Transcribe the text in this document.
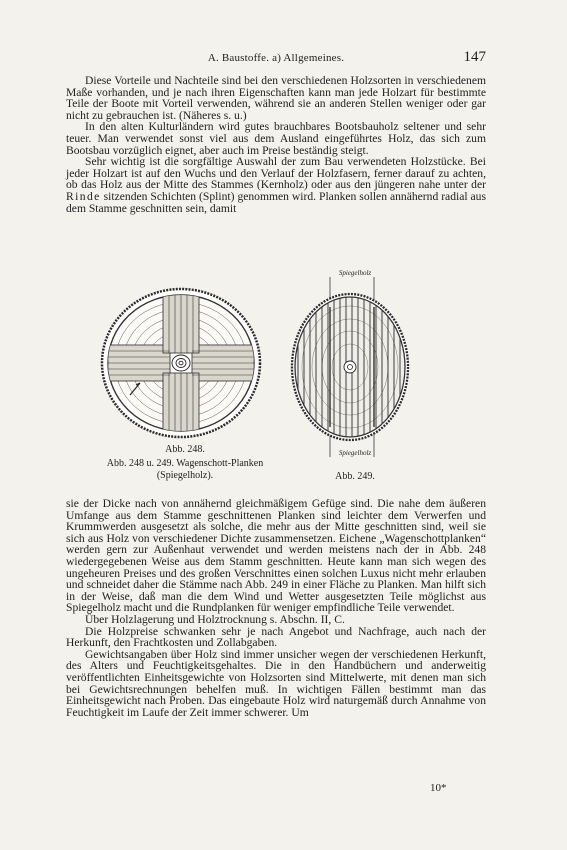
A. Baustoffe. a) Allgemeines.	147

Diese Vorteile und Nachteile sind bei den verschiedenen Holzsorten in verschiedenem Maße vorhanden, und je nach ihren Eigenschaften kann man jede Holzart für bestimmte Teile der Boote mit Vorteil verwenden, während sie an anderen Stellen weniger oder gar nicht zu gebrauchen ist. (Näheres s. u.)

In den alten Kulturländern wird gutes brauchbares Bootsbauholz seltener und sehr teuer. Man verwendet sonst viel aus dem Ausland eingeführtes Holz, das sich zum Bootsbau vorzüglich eignet, aber auch im Preise beständig steigt.

Sehr wichtig ist die sorgfältige Auswahl der zum Bau verwendeten Holzstücke. Bei jeder Holzart ist auf den Wuchs und den Verlauf der Holzfasern, ferner darauf zu achten, ob das Holz aus der Mitte des Stammes (Kernholz) oder aus den jüngeren nahe unter der Rinde sitzenden Schichten (Splint) genommen wird. Planken sollen annähernd radial aus dem Stamme geschnitten sein, damit

Spiegelholz
Spiegelholz
Abb. 248.
Abb. 248 u. 249. Wagenschott-Planken
(Spiegelholz).	Abb. 249.

sie der Dicke nach von annähernd gleichmäßigem Gefüge sind. Die nahe dem äußeren Umfange aus dem Stamme geschnittenen Planken sind leichter dem Verwerfen und Krummwerden ausgesetzt als solche, die mehr aus der Mitte geschnitten sind, weil sie sich aus Holz von verschiedener Dichte zusammensetzen. Eichene „Wagenschottplanken“ werden gern zur Außenhaut verwendet und werden meistens nach der in Abb. 248 wiedergegebenen Weise aus dem Stamm geschnitten. Heute kann man sich wegen des ungeheuren Preises und des großen Verschnittes einen solchen Luxus nicht mehr erlauben und schneidet daher die Stämme nach Abb. 249 in einer Fläche zu Planken. Man hilft sich in der Weise, daß man die dem Wind und Wetter ausgesetzten Teile möglichst aus Spiegelholz macht und die Rundplanken für weniger empfindliche Teile verwendet.

Über Holzlagerung und Holztrocknung s. Abschn. II, C.

Die Holzpreise schwanken sehr je nach Angebot und Nachfrage, auch nach der Herkunft, den Frachtkosten und Zollabgaben.

Gewichtsangaben über Holz sind immer unsicher wegen der verschiedenen Herkunft, des Alters und Feuchtigkeitsgehaltes. Die in den Handbüchern und anderweitig veröffentlichten Einheitsgewichte von Holzsorten sind Mittelwerte, mit denen man sich bei Gewichtsrechnungen behelfen muß. In wichtigen Fällen bestimmt man das Einheitsgewicht nach Proben. Das eingebaute Holz wird naturgemäß durch Annahme von Feuchtigkeit im Laufe der Zeit immer schwerer. Um

10*
